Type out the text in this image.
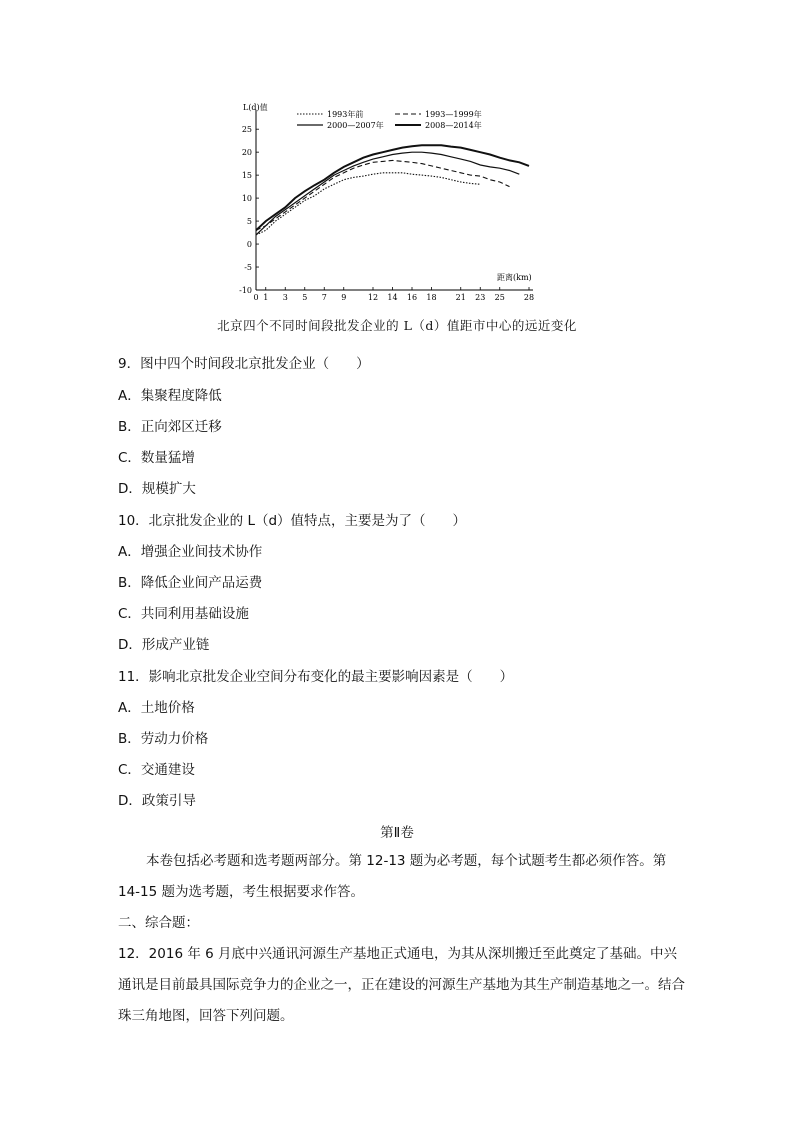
L(d)值
1993年前	1993—1999年
2000—2007年	2008—2014年
-10
-5
0
5
10
15
20
25
0 1 3 5 7 9	12 14 16 18 21 23 25 28
距离(km)
北京四个不同时间段批发企业的 L（d）值距市中心的远近变化
9．图中四个时间段北京批发企业（　　）
A．集聚程度降低
B．正向郊区迁移
C．数量猛增
D．规模扩大
10．北京批发企业的 L（d）值特点，主要是为了（　　）
A．增强企业间技术协作
B．降低企业间产品运费
C．共同利用基础设施
D．形成产业链
11．影响北京批发企业空间分布变化的最主要影响因素是（　　）
A．土地价格
B．劳动力价格
C．交通建设
D．政策引导
第Ⅱ卷
本卷包括必考题和选考题两部分。第 12-13 题为必考题，每个试题考生都必须作答。第 14-15 题为选考题，考生根据要求作答。
二、综合题：
12．2016 年 6 月底中兴通讯河源生产基地正式通电，为其从深圳搬迁至此奠定了基础。中兴通讯是目前最具国际竞争力的企业之一，正在建设的河源生产基地为其生产制造基地之一。结合珠三角地图，回答下列问题。
